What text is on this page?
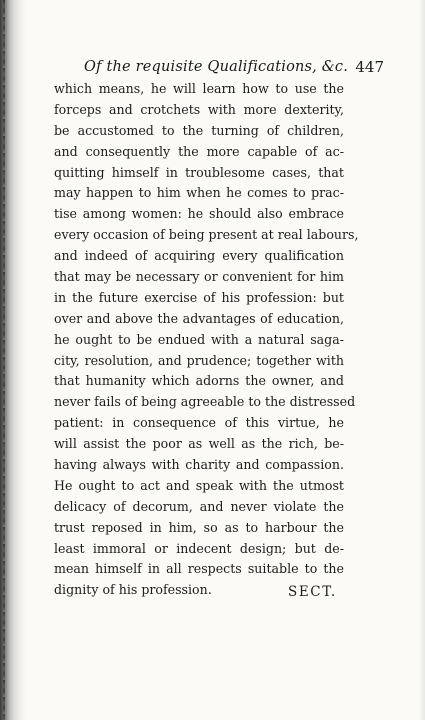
Of the requisite Qualifications, &c. 447
which means, he will learn how to use the
forceps and crotchets with more dexterity,
be accustomed to the turning of children,
and consequently the more capable of ac-
quitting himself in troublesome cases, that
may happen to him when he comes to prac-
tise among women: he should also embrace
every occasion of being present at real labours,
and indeed of acquiring every qualification
that may be necessary or convenient for him
in the future exercise of his profession: but
over and above the advantages of education,
he ought to be endued with a natural saga-
city, resolution, and prudence; together with
that humanity which adorns the owner, and
never fails of being agreeable to the distressed
patient: in consequence of this virtue, he
will assist the poor as well as the rich, be-
having always with charity and compassion.
He ought to act and speak with the utmost
delicacy of decorum, and never violate the
trust reposed in him, so as to harbour the
least immoral or indecent design; but de-
mean himself in all respects suitable to the
dignity of his profession.	SECT.
